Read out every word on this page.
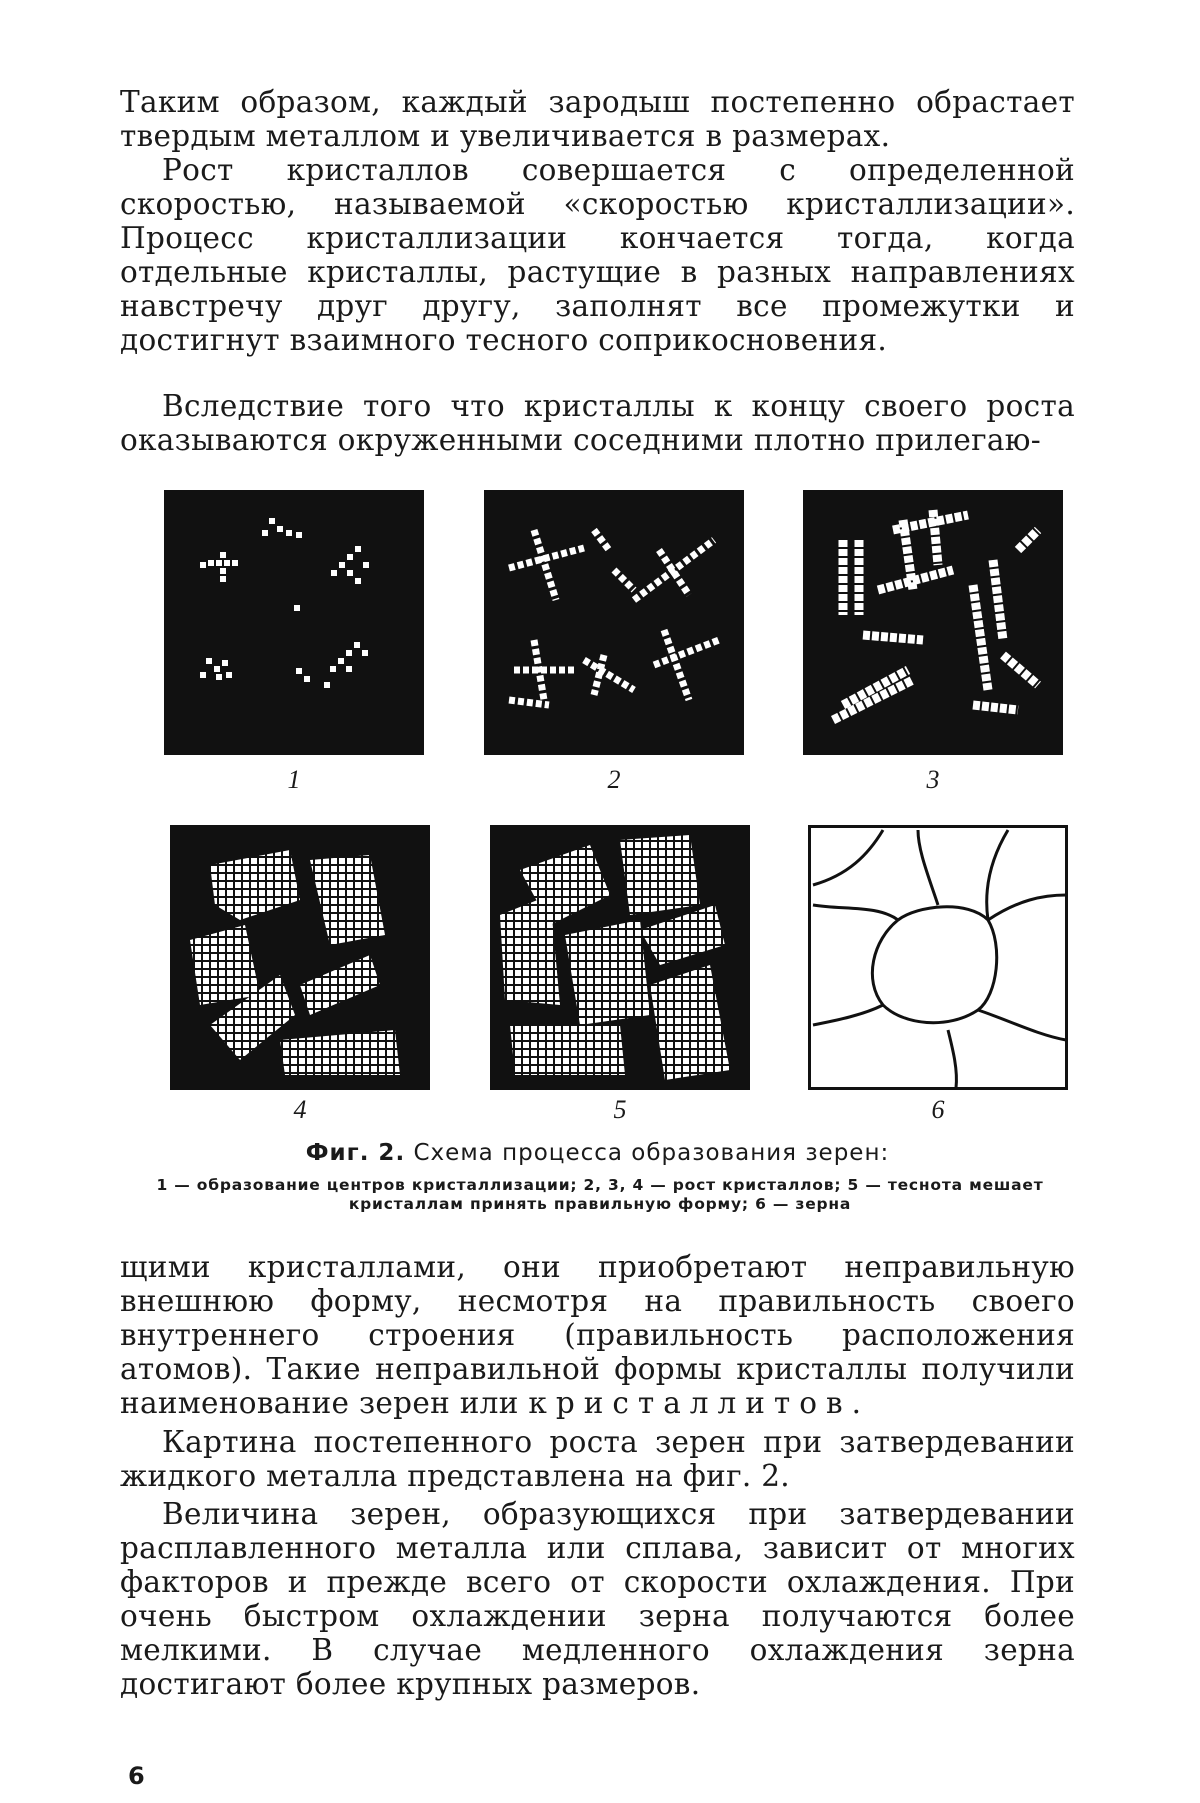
Таким образом, каждый зародыш постепенно обрастает твердым металлом и увеличивается в размерах.

Рост кристаллов совершается с определенной скоростью, называемой «скоростью кристаллизации». Процесс кристаллизации кончается тогда, когда отдельные кристаллы, растущие в разных направлениях навстречу друг другу, заполнят все промежутки и достигнут взаимного тесного соприкосновения.

Вследствие того что кристаллы к концу своего роста оказываются окруженными соседними плотно прилегаю-

1	2	3
4	5	6
Фиг. 2. Схема процесса образования зерен:
1 — образование центров кристаллизации; 2, 3, 4 — рост кристаллов; 5 — теснота мешает кристаллам принять правильную форму; 6 — зерна

щими кристаллами, они приобретают неправильную внешнюю форму, несмотря на правильность своего внутреннего строения (правильность расположения атомов). Такие неправильной формы кристаллы получили наименование зерен или кристаллитов.

Картина постепенного роста зерен при затвердевании жидкого металла представлена на фиг. 2.

Величина зерен, образующихся при затвердевании расплавленного металла или сплава, зависит от многих факторов и прежде всего от скорости охлаждения. При очень быстром охлаждении зерна получаются более мелкими. В случае медленного охлаждения зерна достигают более крупных размеров.

6
